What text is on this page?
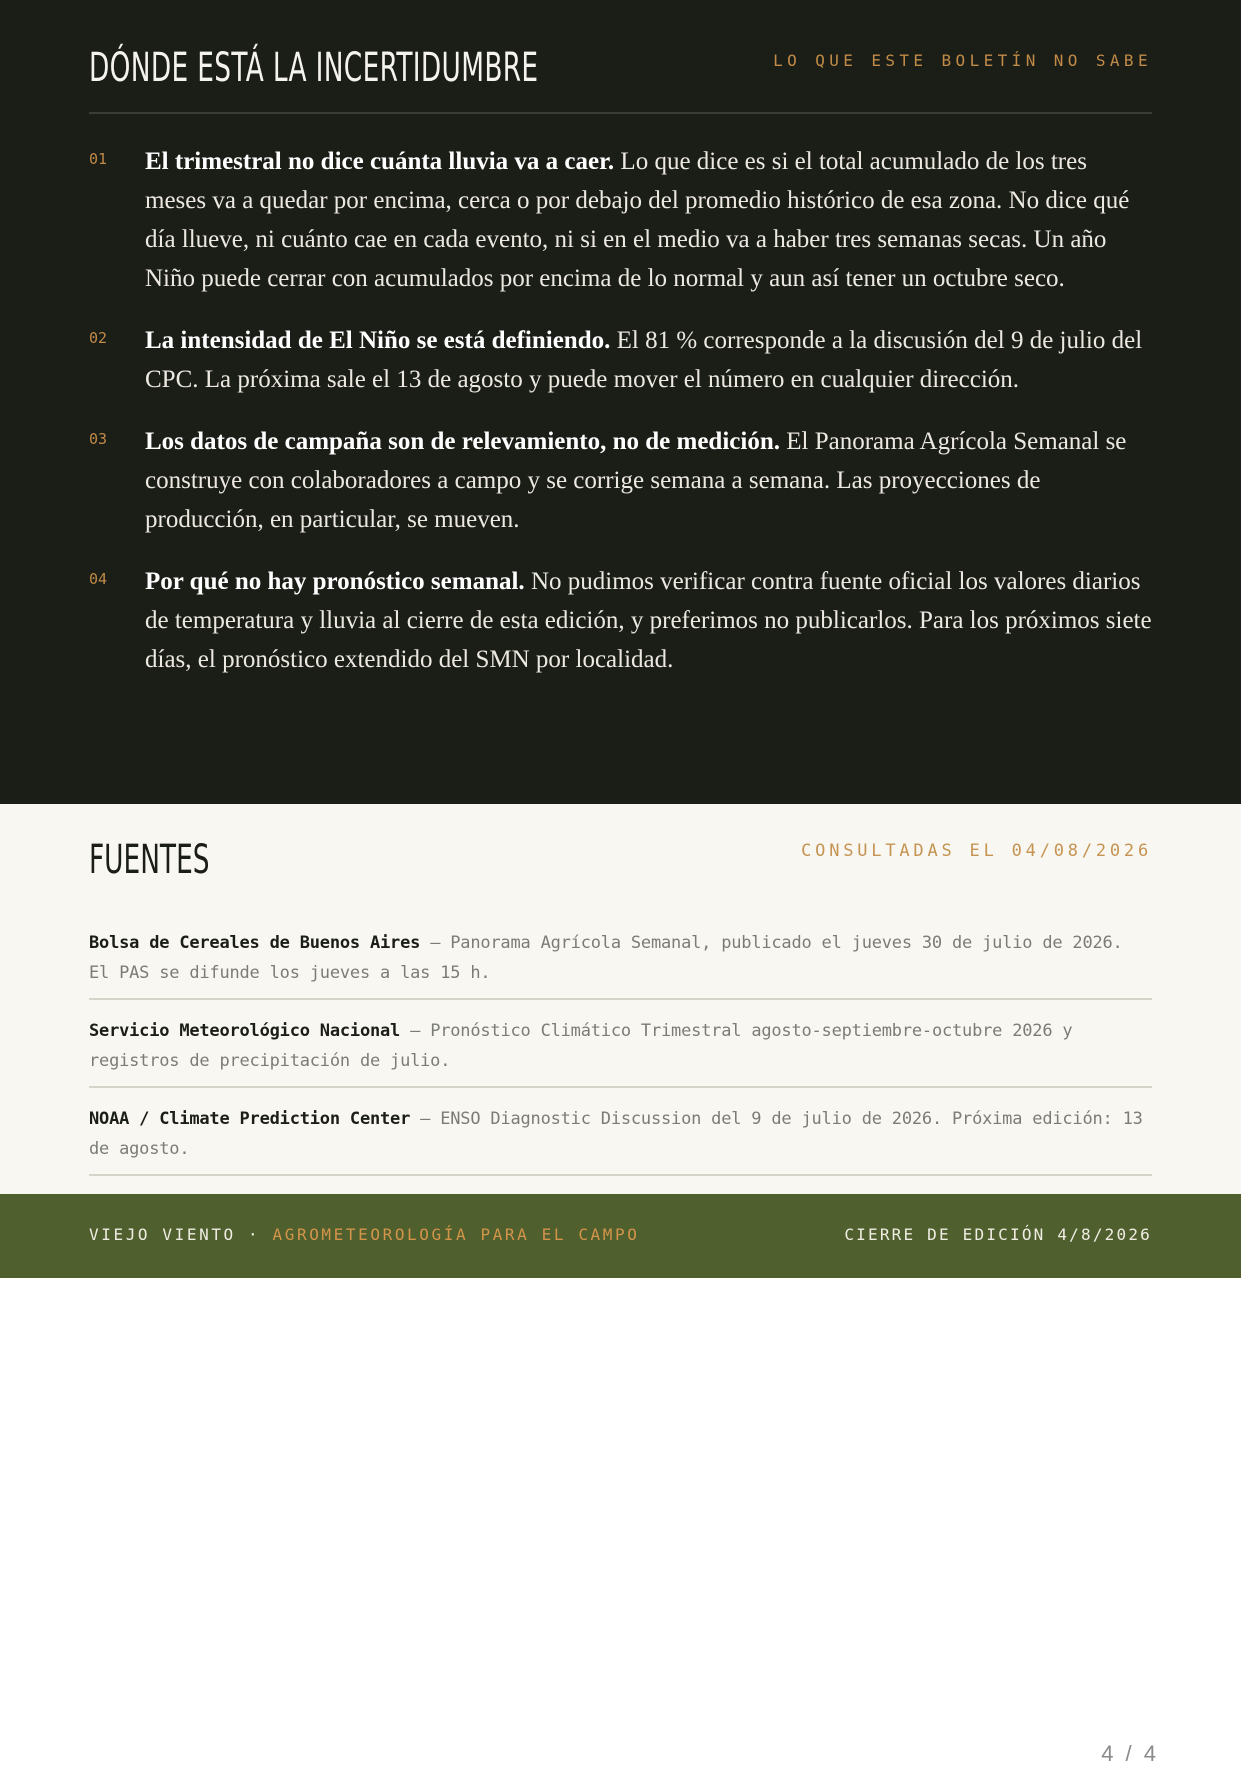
DÓNDE ESTÁ LA INCERTIDUMBRE	LO QUE ESTE BOLETÍN NO SABE
01 El trimestral no dice cuánta lluvia va a caer. Lo que dice es si el total acumulado de los tres meses va a quedar por encima, cerca o por debajo del promedio histórico de esa zona. No dice qué día llueve, ni cuánto cae en cada evento, ni si en el medio va a haber tres semanas secas. Un año Niño puede cerrar con acumulados por encima de lo normal y aun así tener un octubre seco.

02 La intensidad de El Niño se está definiendo. El 81 % corresponde a la discusión del 9 de julio del CPC. La próxima sale el 13 de agosto y puede mover el número en cualquier dirección.

03 Los datos de campaña son de relevamiento, no de medición. El Panorama Agrícola Semanal se construye con colaboradores a campo y se corrige semana a semana. Las proyecciones de producción, en particular, se mueven.

04 Por qué no hay pronóstico semanal. No pudimos verificar contra fuente oficial los valores diarios de temperatura y lluvia al cierre de esta edición, y preferimos no publicarlos. Para los próximos siete días, el pronóstico extendido del SMN por localidad.

FUENTES	CONSULTADAS EL 04/08/2026
Bolsa de Cereales de Buenos Aires — Panorama Agrícola Semanal, publicado el jueves 30 de julio de 2026. El PAS se difunde los jueves a las 15 h.
Servicio Meteorológico Nacional — Pronóstico Climático Trimestral agosto-septiembre-octubre 2026 y registros de precipitación de julio.
NOAA / Climate Prediction Center — ENSO Diagnostic Discussion del 9 de julio de 2026. Próxima edición: 13 de agosto.
VIEJO VIENTO · AGROMETEOROLOGÍA PARA EL CAMPO	CIERRE DE EDICIÓN 4/8/2026
4 / 4
